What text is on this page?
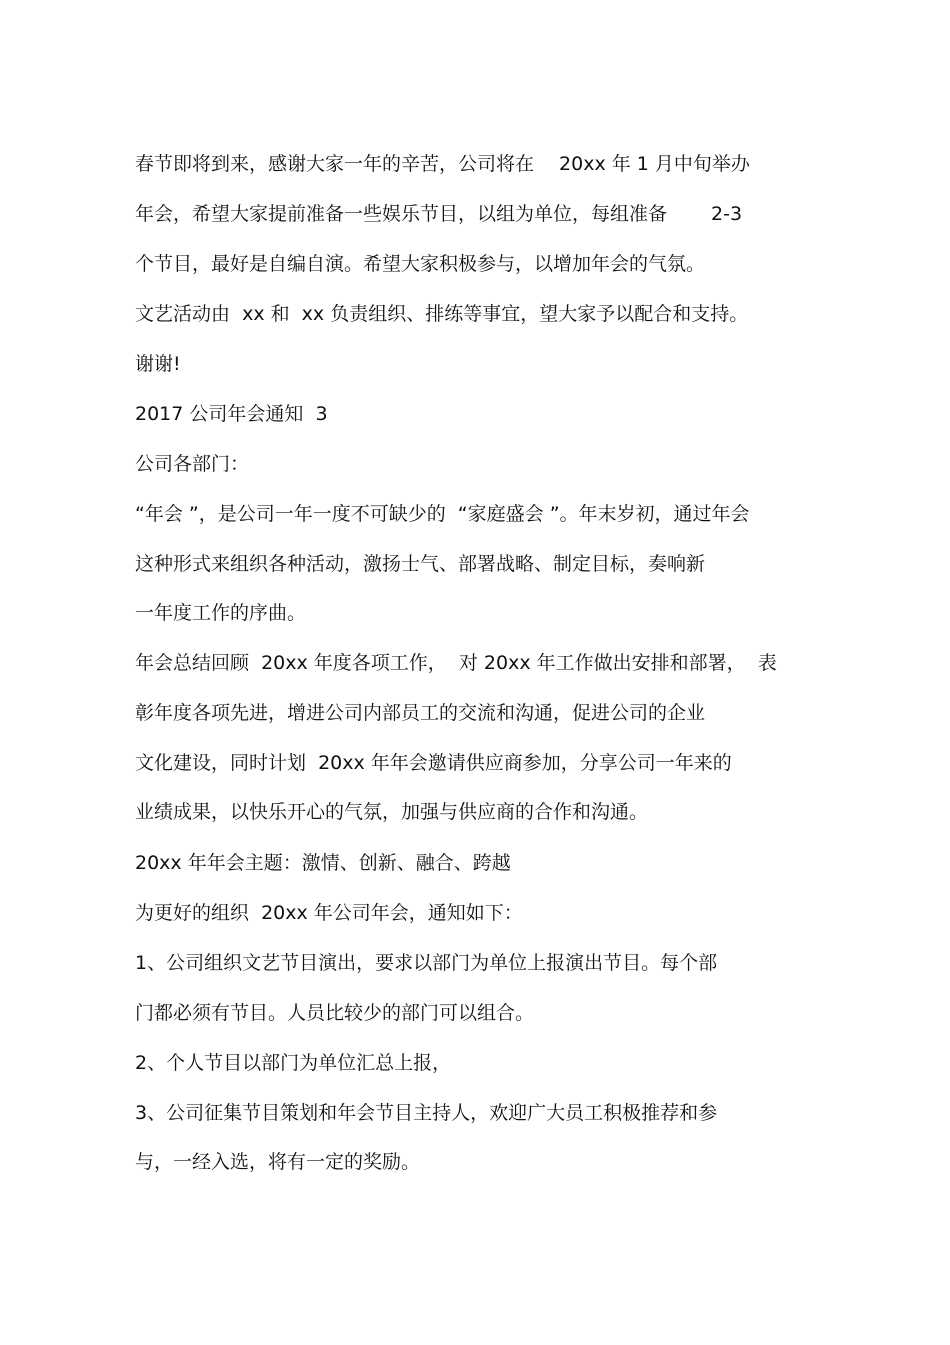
春节即将到来，感谢大家一年的辛苦，公司将在　 20xx 年 1 月中旬举办
年会，希望大家提前准备一些娱乐节目，以组为单位，每组准备　　 2-3
个节目，最好是自编自演。希望大家积极参与，以增加年会的气氛。
文艺活动由  xx 和  xx 负责组织、排练等事宜，望大家予以配合和支持。
谢谢!
2017 公司年会通知  3
公司各部门：
“年会 ”，是公司一年一度不可缺少的  “家庭盛会 ”。年末岁初，通过年会
这种形式来组织各种活动，激扬士气、部署战略、制定目标，奏响新
一年度工作的序曲。
年会总结回顾  20xx 年度各项工作，  对 20xx 年工作做出安排和部署，  表
彰年度各项先进，增进公司内部员工的交流和沟通，促进公司的企业
文化建设，同时计划  20xx 年年会邀请供应商参加，分享公司一年来的
业绩成果，以快乐开心的气氛，加强与供应商的合作和沟通。
20xx 年年会主题：激情、创新、融合、跨越
为更好的组织  20xx 年公司年会，通知如下：
1、公司组织文艺节目演出，要求以部门为单位上报演出节目。每个部
门都必须有节目。人员比较少的部门可以组合。
2、个人节目以部门为单位汇总上报，
3、公司征集节目策划和年会节目主持人，欢迎广大员工积极推荐和参
与，一经入选，将有一定的奖励。
